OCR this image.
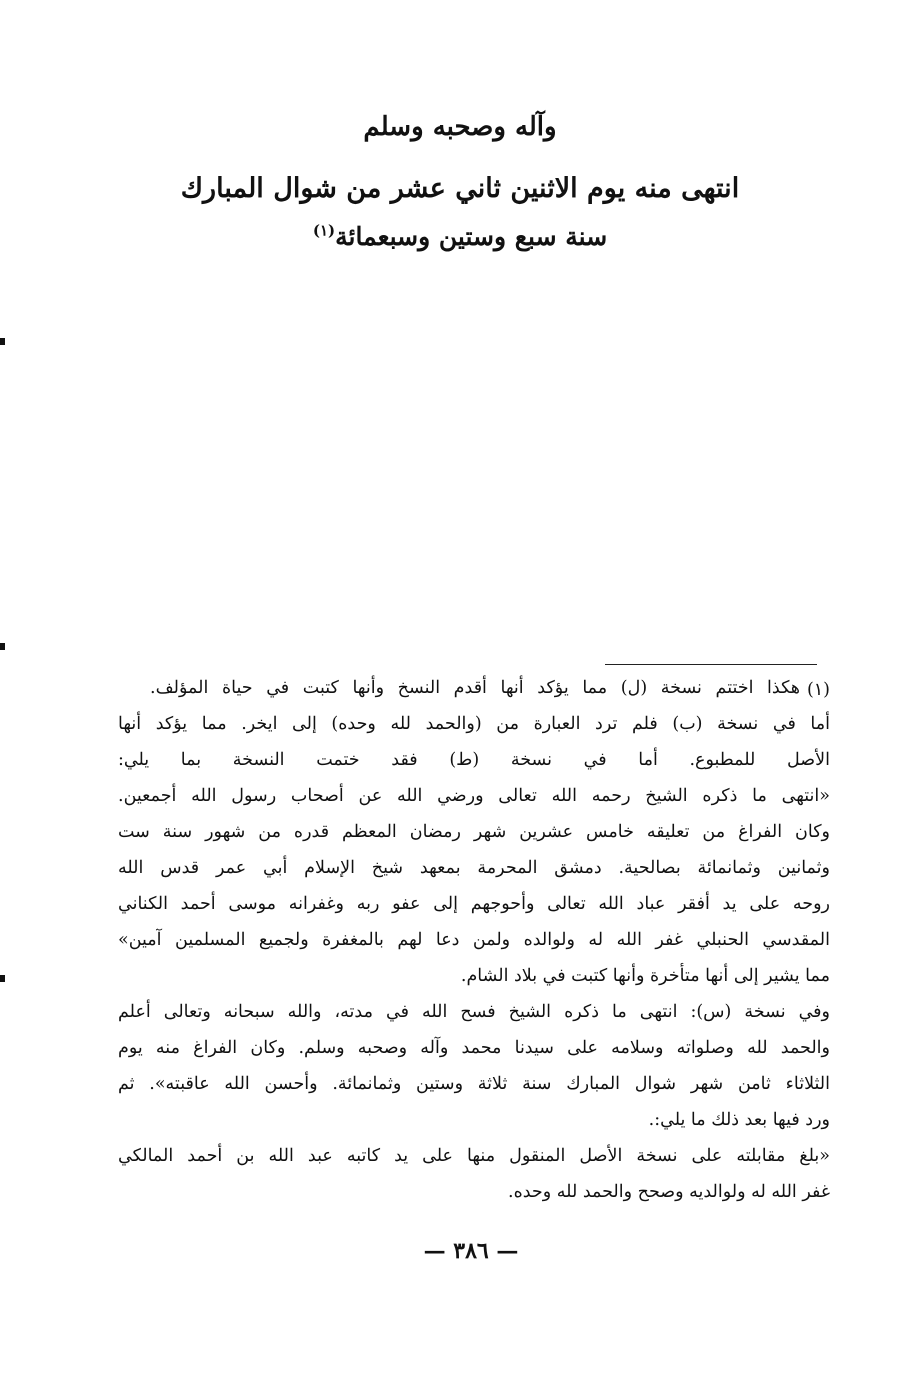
وآله وصحبه وسلم
انتهى منه يوم الاثنين ثاني عشر من شوال المبارك
سنة سبع وستين وسبعمائة$^{(١)}$
(١)
هكذا اختتم نسخة (ل) مما يؤكد أنها أقدم النسخ وأنها كتبت في حياة المؤلف.
أما في نسخة (ب) فلم ترد العبارة من (والحمد لله وحده) إلى ايخر. مما يؤكد أنها
الأصل للمطبوع. أما في نسخة (ط) فقد ختمت النسخة بما يلي:
«انتهى ما ذكره الشيخ رحمه الله تعالى ورضي الله عن أصحاب رسول الله أجمعين.
وكان الفراغ من تعليقه خامس عشرين شهر رمضان المعظم قدره من شهور سنة ست
وثمانين وثمانمائة بصالحية. دمشق المحرمة بمعهد شيخ الإسلام أبي عمر قدس الله
روحه على يد أفقر عباد الله تعالى وأحوجهم إلى عفو ربه وغفرانه موسى أحمد الكناني
المقدسي الحنبلي غفر الله له ولوالده ولمن دعا لهم بالمغفرة ولجميع المسلمين آمين»
مما يشير إلى أنها متأخرة وأنها كتبت في بلاد الشام.
وفي نسخة (س): انتهى ما ذكره الشيخ فسح الله في مدته، والله سبحانه وتعالى أعلم
والحمد لله وصلواته وسلامه على سيدنا محمد وآله وصحبه وسلم. وكان الفراغ منه يوم
الثلاثاء ثامن شهر شوال المبارك سنة ثلاثة وستين وثمانمائة. وأحسن الله عاقبته». ثم
ورد فيها بعد ذلك ما يلي:.
«بلغ مقابلته على نسخة الأصل المنقول منها على يد كاتبه عبد الله بن أحمد المالكي
غفر الله له ولوالديه وصحح والحمد لله وحده.
— ٣٨٦ —
